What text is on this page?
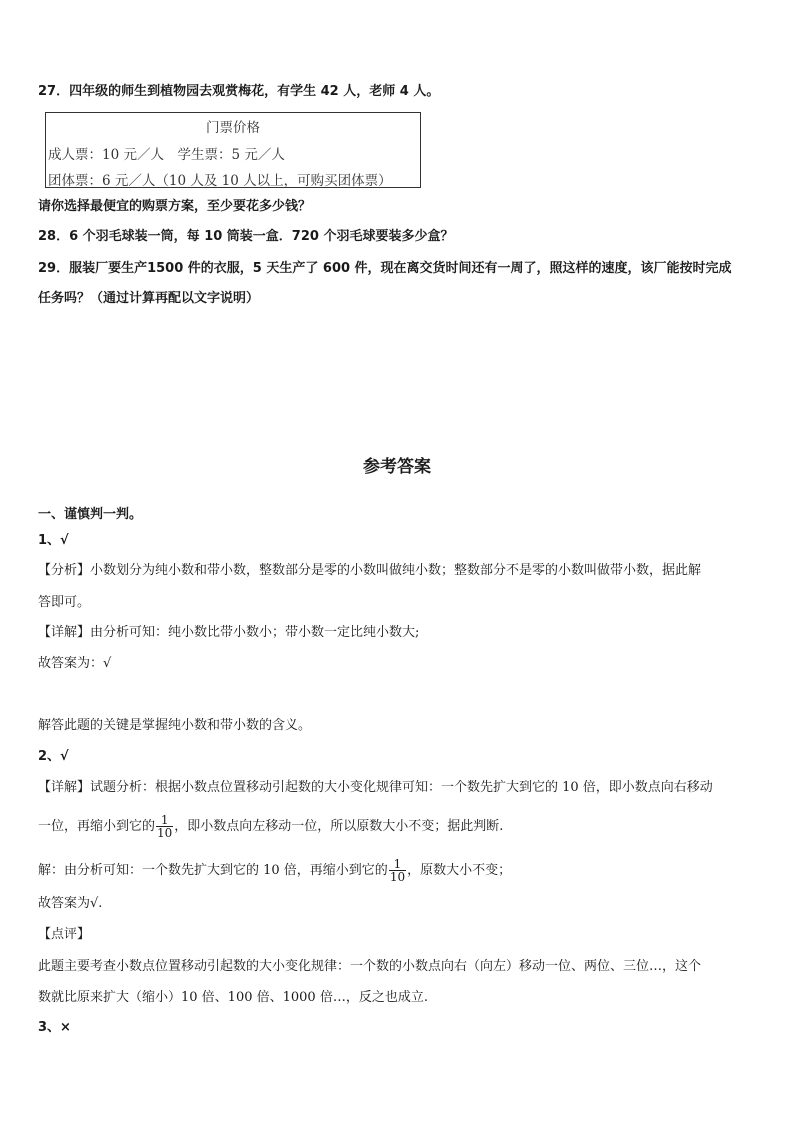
27．四年级的师生到植物园去观赏梅花，有学生 42 人，老师 4 人。
门票价格
成人票：10 元／人　学生票：5 元／人
团体票：6 元／人（10 人及 10 人以上，可购买团体票）
请你选择最便宜的购票方案，至少要花多少钱？
28．6 个羽毛球装一筒，每 10 筒装一盒．720 个羽毛球要装多少盒？
29．服装厂要生产1500 件的衣服，5 天生产了 600 件，现在离交货时间还有一周了，照这样的速度，该厂能按时完成
任务吗？（通过计算再配以文字说明）
参考答案
一、谨慎判一判。
1、√
【分析】小数划分为纯小数和带小数，整数部分是零的小数叫做纯小数；整数部分不是零的小数叫做带小数，据此解
答即可。
【详解】由分析可知：纯小数比带小数小；带小数一定比纯小数大;
故答案为：√
解答此题的关键是掌握纯小数和带小数的含义。
2、√
【详解】试题分析：根据小数点位置移动引起数的大小变化规律可知：一个数先扩大到它的 10 倍，即小数点向右移动
一位，再缩小到它的 $\frac{1}{10}$ ，即小数点向左移动一位，所以原数大小不变；据此判断.
解：由分析可知：一个数先扩大到它的 10 倍，再缩小到它的 $\frac{1}{10}$ ，原数大小不变；
故答案为√.
【点评】
此题主要考查小数点位置移动引起数的大小变化规律：一个数的小数点向右（向左）移动一位、两位、三位…，这个
数就比原来扩大（缩小）10 倍、100 倍、1000 倍…，反之也成立.
3、×
